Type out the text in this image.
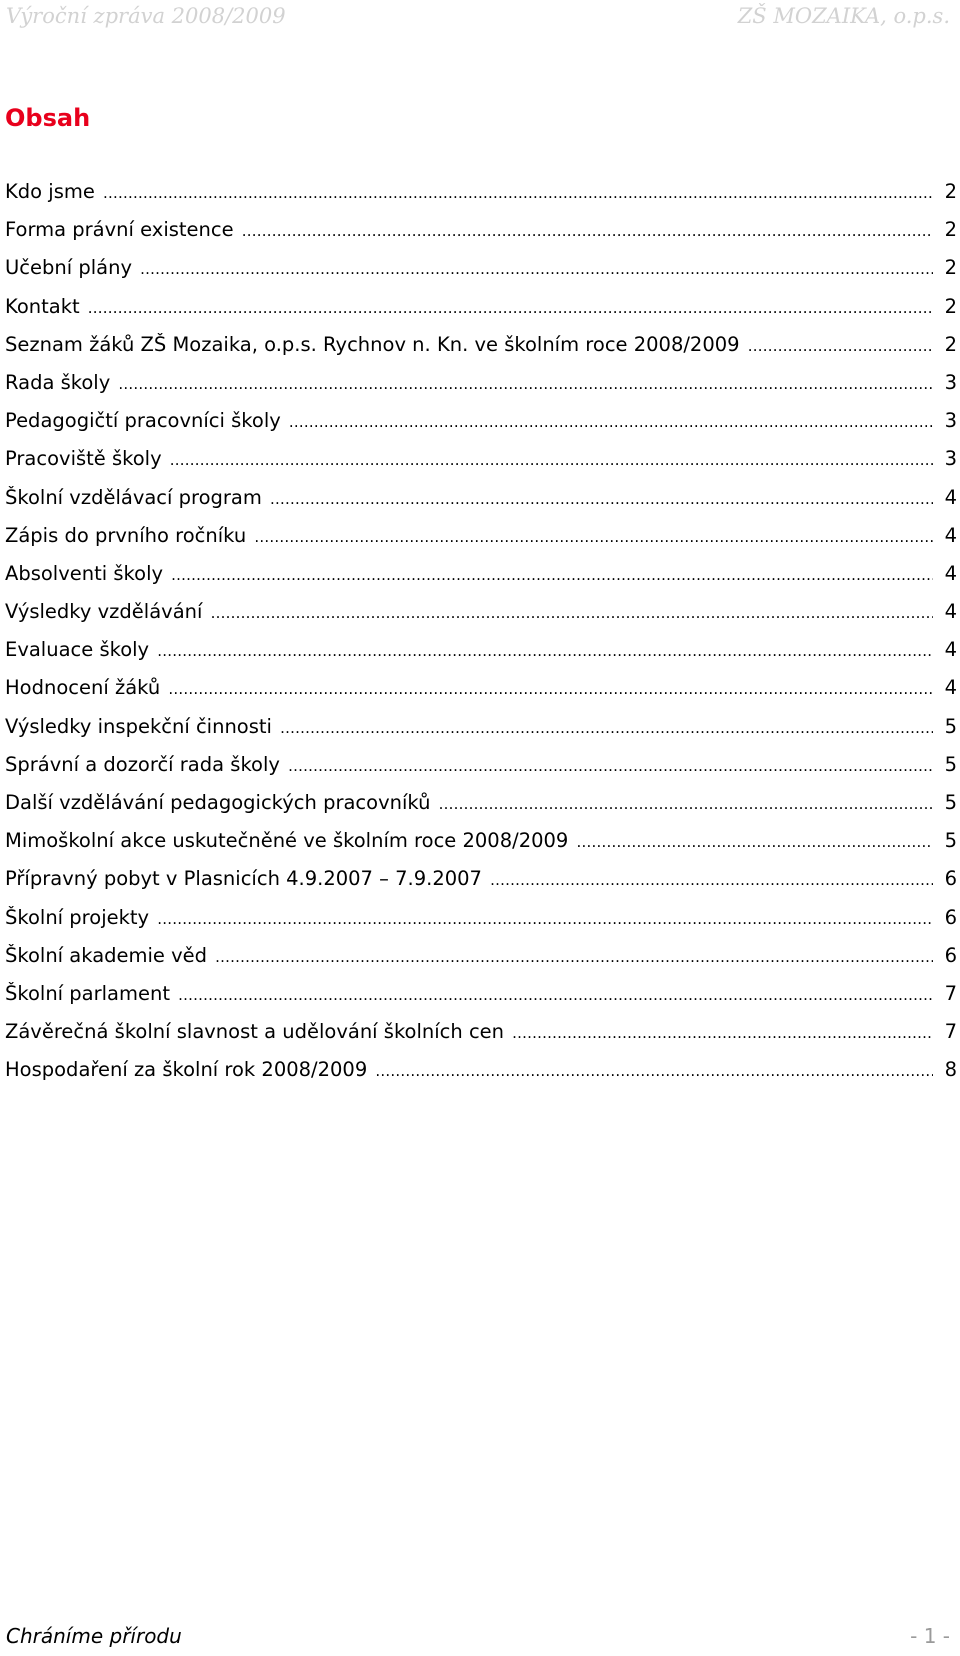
Výroční zpráva 2008/2009	ZŠ MOZAIKA, o.p.s.
Obsah
Kdo jsme ………………………………………………………………………………………………………………………………………………………………………………………………………………………………………	2
Forma právní existence ………………………………………………………………………………………………………………………………………………………………………………………………………………………………………	2
Učební plány ………………………………………………………………………………………………………………………………………………………………………………………………………………………………………	2
Kontakt ………………………………………………………………………………………………………………………………………………………………………………………………………………………………………	2
Seznam žáků ZŠ Mozaika, o.p.s. Rychnov n. Kn. ve školním roce 2008/2009 ………………………………………………………………………………………………………………………………………………………………………………………………………………………………………	2
Rada školy ………………………………………………………………………………………………………………………………………………………………………………………………………………………………………	3
Pedagogičtí pracovníci školy ………………………………………………………………………………………………………………………………………………………………………………………………………………………………………	3
Pracoviště školy ………………………………………………………………………………………………………………………………………………………………………………………………………………………………………	3
Školní vzdělávací program ………………………………………………………………………………………………………………………………………………………………………………………………………………………………………	4
Zápis do prvního ročníku ………………………………………………………………………………………………………………………………………………………………………………………………………………………………………	4
Absolventi školy ………………………………………………………………………………………………………………………………………………………………………………………………………………………………………	4
Výsledky vzdělávání ………………………………………………………………………………………………………………………………………………………………………………………………………………………………………	4
Evaluace školy ………………………………………………………………………………………………………………………………………………………………………………………………………………………………………	4
Hodnocení žáků ………………………………………………………………………………………………………………………………………………………………………………………………………………………………………	4
Výsledky inspekční činnosti ………………………………………………………………………………………………………………………………………………………………………………………………………………………………………	5
Správní a dozorčí rada školy ………………………………………………………………………………………………………………………………………………………………………………………………………………………………………	5
Další vzdělávání pedagogických pracovníků ………………………………………………………………………………………………………………………………………………………………………………………………………………………………………	5
Mimoškolní akce uskutečněné ve školním roce 2008/2009 ………………………………………………………………………………………………………………………………………………………………………………………………………………………………………	5
Přípravný pobyt v Plasnicích 4.9.2007 – 7.9.2007 ………………………………………………………………………………………………………………………………………………………………………………………………………………………………………	6
Školní projekty ………………………………………………………………………………………………………………………………………………………………………………………………………………………………………	6
Školní akademie věd ………………………………………………………………………………………………………………………………………………………………………………………………………………………………………	6
Školní parlament ………………………………………………………………………………………………………………………………………………………………………………………………………………………………………	7
Závěrečná školní slavnost a udělování školních cen ………………………………………………………………………………………………………………………………………………………………………………………………………………………………………	7
Hospodaření za školní rok 2008/2009 ………………………………………………………………………………………………………………………………………………………………………………………………………………………………………	8
Chráníme přírodu	- 1 -
